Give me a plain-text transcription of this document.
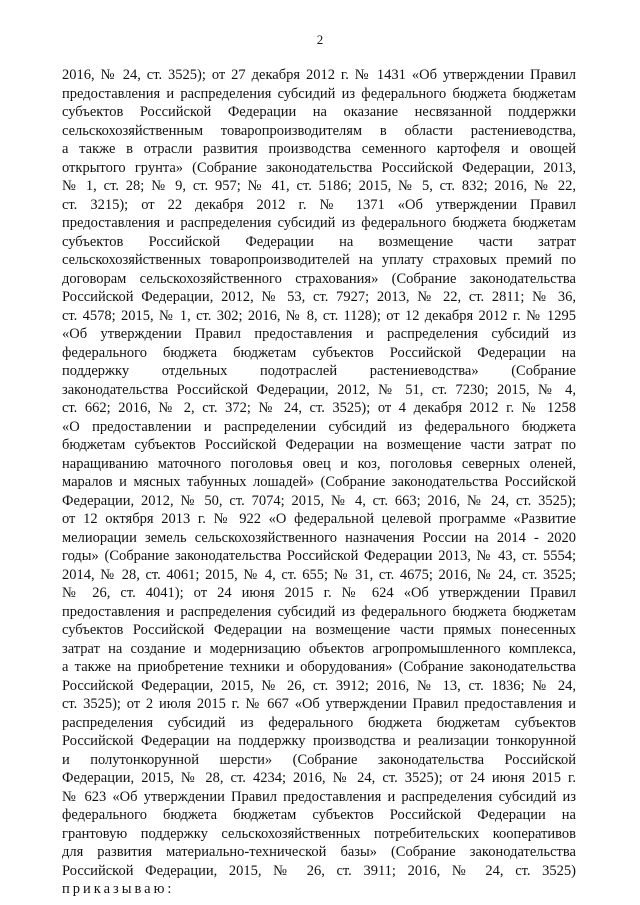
2
2016, № 24, ст. 3525); от 27 декабря 2012 г. № 1431 «Об утверждении Правил
предоставления и распределения субсидий из федерального бюджета бюджетам
субъектов Российской Федерации на оказание несвязанной поддержки
сельскохозяйственным товаропроизводителям в области растениеводства,
а также в отрасли развития производства семенного картофеля и овощей
открытого грунта» (Собрание законодательства Российской Федерации, 2013,
№ 1, ст. 28; № 9, ст. 957; № 41, ст. 5186; 2015, № 5, ст. 832; 2016, № 22,
ст. 3215); от 22 декабря 2012 г. № 1371 «Об утверждении Правил
предоставления и распределения субсидий из федерального бюджета бюджетам
субъектов Российской Федерации на возмещение части затрат
сельскохозяйственных товаропроизводителей на уплату страховых премий по
договорам сельскохозяйственного страхования» (Собрание законодательства
Российской Федерации, 2012, № 53, ст. 7927; 2013, № 22, ст. 2811; № 36,
ст. 4578; 2015, № 1, ст. 302; 2016, № 8, ст. 1128); от 12 декабря 2012 г. № 1295
«Об утверждении Правил предоставления и распределения субсидий из
федерального бюджета бюджетам субъектов Российской Федерации на
поддержку отдельных подотраслей растениеводства» (Собрание
законодательства Российской Федерации, 2012, № 51, ст. 7230; 2015, № 4,
ст. 662; 2016, № 2, ст. 372; № 24, ст. 3525); от 4 декабря 2012 г. № 1258
«О предоставлении и распределении субсидий из федерального бюджета
бюджетам субъектов Российской Федерации на возмещение части затрат по
наращиванию маточного поголовья овец и коз, поголовья северных оленей,
маралов и мясных табунных лошадей» (Собрание законодательства Российской
Федерации, 2012, № 50, ст. 7074; 2015, № 4, ст. 663; 2016, № 24, ст. 3525);
от 12 октября 2013 г. № 922 «О федеральной целевой программе «Развитие
мелиорации земель сельскохозяйственного назначения России на 2014 - 2020
годы» (Собрание законодательства Российской Федерации 2013, № 43, ст. 5554;
2014, № 28, ст. 4061; 2015, № 4, ст. 655; № 31, ст. 4675; 2016, № 24, ст. 3525;
№ 26, ст. 4041); от 24 июня 2015 г. № 624 «Об утверждении Правил
предоставления и распределения субсидий из федерального бюджета бюджетам
субъектов Российской Федерации на возмещение части прямых понесенных
затрат на создание и модернизацию объектов агропромышленного комплекса,
а также на приобретение техники и оборудования» (Собрание законодательства
Российской Федерации, 2015, № 26, ст. 3912; 2016, № 13, ст. 1836; № 24,
ст. 3525); от 2 июля 2015 г. № 667 «Об утверждении Правил предоставления и
распределения субсидий из федерального бюджета бюджетам субъектов
Российской Федерации на поддержку производства и реализации тонкорунной
и полутонкорунной шерсти» (Собрание законодательства Российской
Федерации, 2015, № 28, ст. 4234; 2016, № 24, ст. 3525); от 24 июня 2015 г.
№ 623 «Об утверждении Правил предоставления и распределения субсидий из
федерального бюджета бюджетам субъектов Российской Федерации на
грантовую поддержку сельскохозяйственных потребительских кооперативов
для развития материально-технической базы» (Собрание законодательства
Российской Федерации, 2015, № 26, ст. 3911; 2016, № 24, ст. 3525)
приказываю:
